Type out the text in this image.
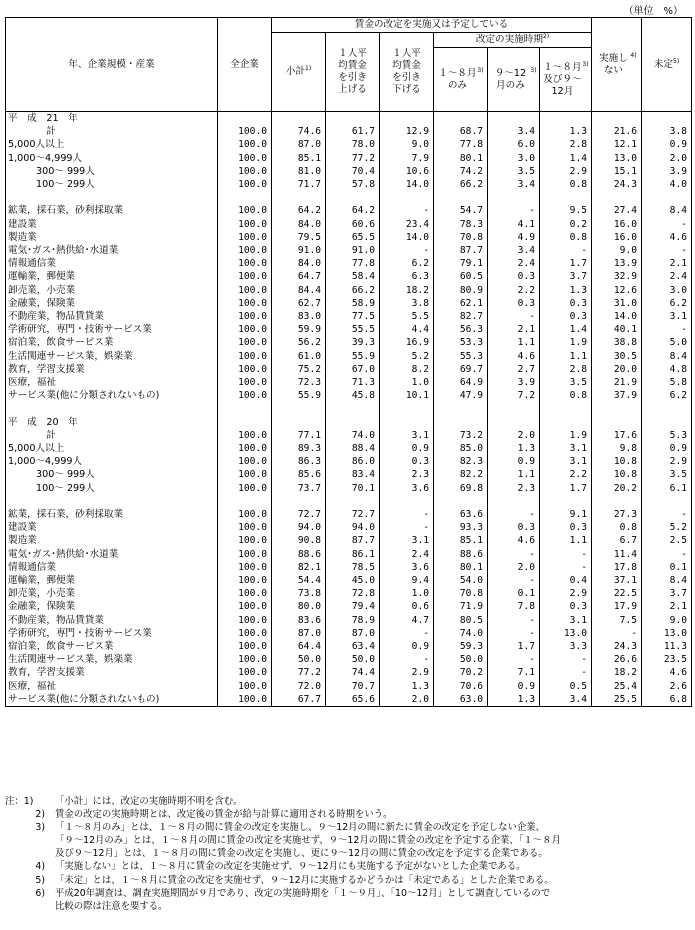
（単位　%）
年、企業規模・産業	全企業	賃金の改定を実施又は予定している						実施しない$^{4)}$	未定$^{5)}$
		小計$^{1)}$	１人平均賃金を引き上げる	１人平均賃金を引き下げる	改定の実施時期$^{2)}$
					１～８月のみ$^{3)}$	９～12月のみ$^{3)}$	１～８月及び９～12月$^{3)}$
平　成　21　年									
計	100.0	74.6	61.7	12.9	68.7	3.4	1.3	21.6	3.8
5,000人以上	100.0	87.0	78.0	9.0	77.8	6.0	2.8	12.1	0.9
1,000～4,999人	100.0	85.1	77.2	7.9	80.1	3.0	1.4	13.0	2.0
300～ 999人	100.0	81.0	70.4	10.6	74.2	3.5	2.9	15.1	3.9
100～ 299人	100.0	71.7	57.8	14.0	66.2	3.4	0.8	24.3	4.0

鉱業，採石業，砂利採取業	100.0	64.2	64.2	-	54.7	-	9.5	27.4	8.4
建設業	100.0	84.0	60.6	23.4	78.3	4.1	0.2	16.0	-
製造業	100.0	79.5	65.5	14.0	70.8	4.9	0.8	16.0	4.6
電気･ガス･熱供給･水道業	100.0	91.0	91.0	-	87.7	3.4	-	9.0	-
情報通信業	100.0	84.0	77.8	6.2	79.1	2.4	1.7	13.9	2.1
運輸業，郵便業	100.0	64.7	58.4	6.3	60.5	0.3	3.7	32.9	2.4
卸売業，小売業	100.0	84.4	66.2	18.2	80.9	2.2	1.3	12.6	3.0
金融業，保険業	100.0	62.7	58.9	3.8	62.1	0.3	0.3	31.0	6.2
不動産業，物品賃貸業	100.0	83.0	77.5	5.5	82.7	-	0.3	14.0	3.1
学術研究，専門・技術サービス業	100.0	59.9	55.5	4.4	56.3	2.1	1.4	40.1	-
宿泊業，飲食サービス業	100.0	56.2	39.3	16.9	53.3	1.1	1.9	38.8	5.0
生活関連サービス業，娯楽業	100.0	61.0	55.9	5.2	55.3	4.6	1.1	30.5	8.4
教育，学習支援業	100.0	75.2	67.0	8.2	69.7	2.7	2.8	20.0	4.8
医療，福祉	100.0	72.3	71.3	1.0	64.9	3.9	3.5	21.9	5.8
サービス業(他に分類されないもの)	100.0	55.9	45.8	10.1	47.9	7.2	0.8	37.9	6.2

平　成　20　年									
計	100.0	77.1	74.0	3.1	73.2	2.0	1.9	17.6	5.3
5,000人以上	100.0	89.3	88.4	0.9	85.0	1.3	3.1	9.8	0.9
1,000～4,999人	100.0	86.3	86.0	0.3	82.3	0.9	3.1	10.8	2.9
300～ 999人	100.0	85.6	83.4	2.3	82.2	1.1	2.2	10.8	3.5
100～ 299人	100.0	73.7	70.1	3.6	69.8	2.3	1.7	20.2	6.1

鉱業，採石業，砂利採取業	100.0	72.7	72.7	-	63.6	-	9.1	27.3	-
建設業	100.0	94.0	94.0	-	93.3	0.3	0.3	0.8	5.2
製造業	100.0	90.8	87.7	3.1	85.1	4.6	1.1	6.7	2.5
電気･ガス･熱供給･水道業	100.0	88.6	86.1	2.4	88.6	-	-	11.4	-
情報通信業	100.0	82.1	78.5	3.6	80.1	2.0	-	17.8	0.1
運輸業，郵便業	100.0	54.4	45.0	9.4	54.0	-	0.4	37.1	8.4
卸売業，小売業	100.0	73.8	72.8	1.0	70.8	0.1	2.9	22.5	3.7
金融業，保険業	100.0	80.0	79.4	0.6	71.9	7.8	0.3	17.9	2.1
不動産業，物品賃貸業	100.0	83.6	78.9	4.7	80.5	-	3.1	7.5	9.0
学術研究，専門・技術サービス業	100.0	87.0	87.0	-	74.0	-	13.0	-	13.0
宿泊業，飲食サービス業	100.0	64.4	63.4	0.9	59.3	1.7	3.3	24.3	11.3
生活関連サービス業，娯楽業	100.0	50.0	50.0	-	50.0	-	-	26.6	23.5
教育，学習支援業	100.0	77.2	74.4	2.9	70.2	7.1	-	18.2	4.6
医療，福祉	100.0	72.0	70.7	1.3	70.6	0.9	0.5	25.4	2.6
サービス業(他に分類されないもの)	100.0	67.7	65.6	2.0	63.0	1.3	3.4	25.5	6.8
注：1)	「小計」には、改定の実施時期不明を含む。
2)	賃金の改定の実施時期とは、改定後の賃金が給与計算に適用される時期をいう。
3)	「１～８月のみ」とは、１～８月の間に賃金の改定を実施し、９～12月の間に新たに賃金の改定を予定しない企業、
「９～12月のみ」とは、１～８月の間に賃金の改定を実施せず、９～12月の間に賃金の改定を予定する企業、「１～８月
及び９～12月」とは、１～８月の間に賃金の改定を実施し、更に９～12月の間に賃金の改定を予定する企業である。
4)	「実施しない」とは、１～８月に賃金の改定を実施せず、９～12月にも実施する予定がないとした企業である。
5)	「未定」とは、１～８月に賃金の改定を実施せず、９～12月に実施するかどうかは「未定である」とした企業である。
6)	平成20年調査は、調査実施期間が９月であり、改定の実施時期を「１～９月」、「10～12月」として調査しているので
比較の際は注意を要する。
